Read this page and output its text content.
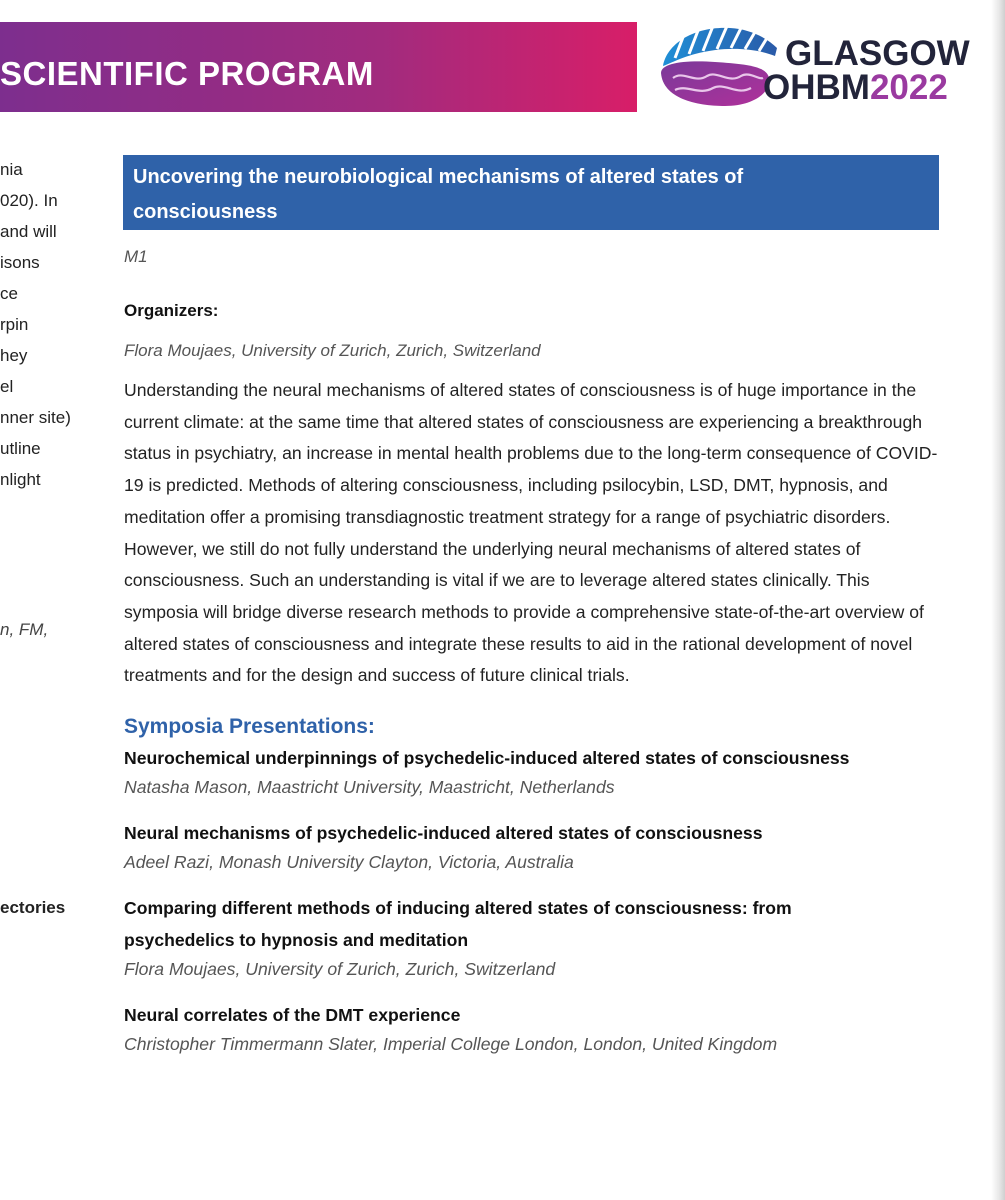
SCIENTIFIC PROGRAM
GLASGOW
OHBM2022
nia
020). In
and will
isons
ce
rpin
hey
el
nner site)
utline
nlight
n, FM,
ectories
Uncovering the neurobiological mechanisms of altered states of consciousness
M1
Organizers:
Flora Moujaes, University of Zurich, Zurich, Switzerland
Understanding the neural mechanisms of altered states of consciousness is of huge importance in the current climate: at the same time that altered states of consciousness are experiencing a breakthrough status in psychiatry, an increase in mental health problems due to the long-term consequence of COVID-19 is predicted. Methods of altering consciousness, including psilocybin, LSD, DMT, hypnosis, and meditation offer a promising transdiagnostic treatment strategy for a range of psychiatric disorders. However, we still do not fully understand the underlying neural mechanisms of altered states of consciousness. Such an understanding is vital if we are to leverage altered states clinically. This symposia will bridge diverse research methods to provide a comprehensive state-of-the-art overview of altered states of consciousness and integrate these results to aid in the rational development of novel treatments and for the design and success of future clinical trials.
Symposia Presentations:
Neurochemical underpinnings of psychedelic-induced altered states of consciousness
Natasha Mason, Maastricht University, Maastricht, Netherlands
Neural mechanisms of psychedelic-induced altered states of consciousness
Adeel Razi, Monash University Clayton, Victoria, Australia
Comparing different methods of inducing altered states of consciousness: from psychedelics to hypnosis and meditation
Flora Moujaes, University of Zurich, Zurich, Switzerland
Neural correlates of the DMT experience
Christopher Timmermann Slater, Imperial College London, London, United Kingdom
